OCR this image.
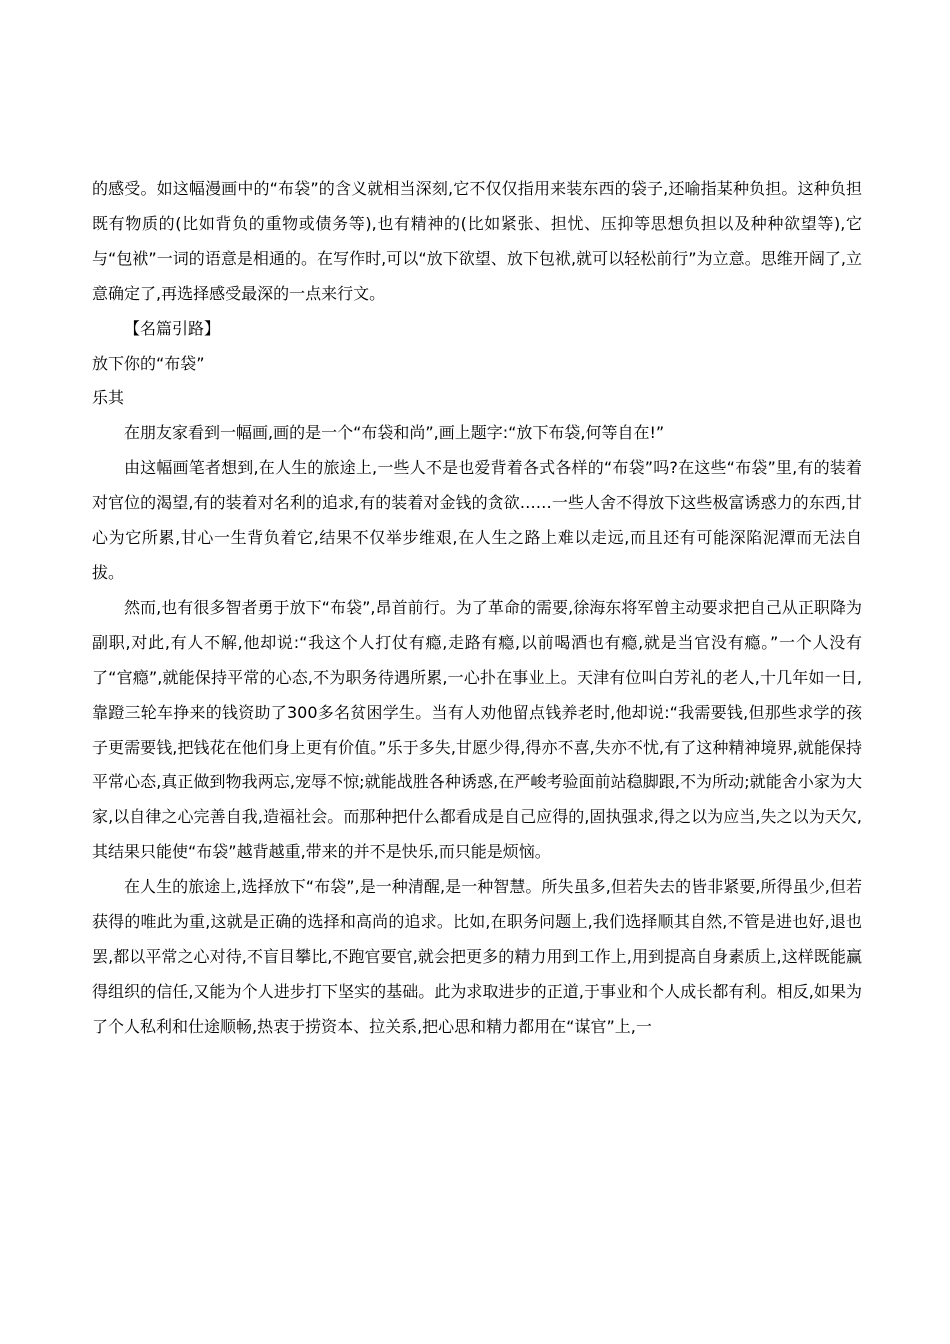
的感受。如这幅漫画中的“布袋”的含义就相当深刻,它不仅仅指用来装东西的袋子,还喻指某种负担。这种负担既有物质的(比如背负的重物或债务等),也有精神的(比如紧张、担忧、压抑等思想负担以及种种欲望等),它与“包袱”一词的语意是相通的。在写作时,可以“放下欲望、放下包袱,就可以轻松前行”为立意。思维开阔了,立意确定了,再选择感受最深的一点来行文。

【名篇引路】

放下你的“布袋”

乐其

在朋友家看到一幅画,画的是一个“布袋和尚”,画上题字:“放下布袋,何等自在!”

由这幅画笔者想到,在人生的旅途上,一些人不是也爱背着各式各样的“布袋”吗?在这些“布袋”里,有的装着对官位的渴望,有的装着对名利的追求,有的装着对金钱的贪欲……一些人舍不得放下这些极富诱惑力的东西,甘心为它所累,甘心一生背负着它,结果不仅举步维艰,在人生之路上难以走远,而且还有可能深陷泥潭而无法自拔。

然而,也有很多智者勇于放下“布袋”,昂首前行。为了革命的需要,徐海东将军曾主动要求把自己从正职降为副职,对此,有人不解,他却说:“我这个人打仗有瘾,走路有瘾,以前喝酒也有瘾,就是当官没有瘾。”一个人没有了“官瘾”,就能保持平常的心态,不为职务待遇所累,一心扑在事业上。天津有位叫白芳礼的老人,十几年如一日,靠蹬三轮车挣来的钱资助了300多名贫困学生。当有人劝他留点钱养老时,他却说:“我需要钱,但那些求学的孩子更需要钱,把钱花在他们身上更有价值。”乐于多失,甘愿少得,得亦不喜,失亦不忧,有了这种精神境界,就能保持平常心态,真正做到物我两忘,宠辱不惊;就能战胜各种诱惑,在严峻考验面前站稳脚跟,不为所动;就能舍小家为大家,以自律之心完善自我,造福社会。而那种把什么都看成是自己应得的,固执强求,得之以为应当,失之以为天欠,其结果只能使“布袋”越背越重,带来的并不是快乐,而只能是烦恼。

在人生的旅途上,选择放下“布袋”,是一种清醒,是一种智慧。所失虽多,但若失去的皆非紧要,所得虽少,但若获得的唯此为重,这就是正确的选择和高尚的追求。比如,在职务问题上,我们选择顺其自然,不管是进也好,退也罢,都以平常之心对待,不盲目攀比,不跑官要官,就会把更多的精力用到工作上,用到提高自身素质上,这样既能赢得组织的信任,又能为个人进步打下坚实的基础。此为求取进步的正道,于事业和个人成长都有利。相反,如果为了个人私利和仕途顺畅,热衷于捞资本、拉关系,把心思和精力都用在“谋官”上,一
